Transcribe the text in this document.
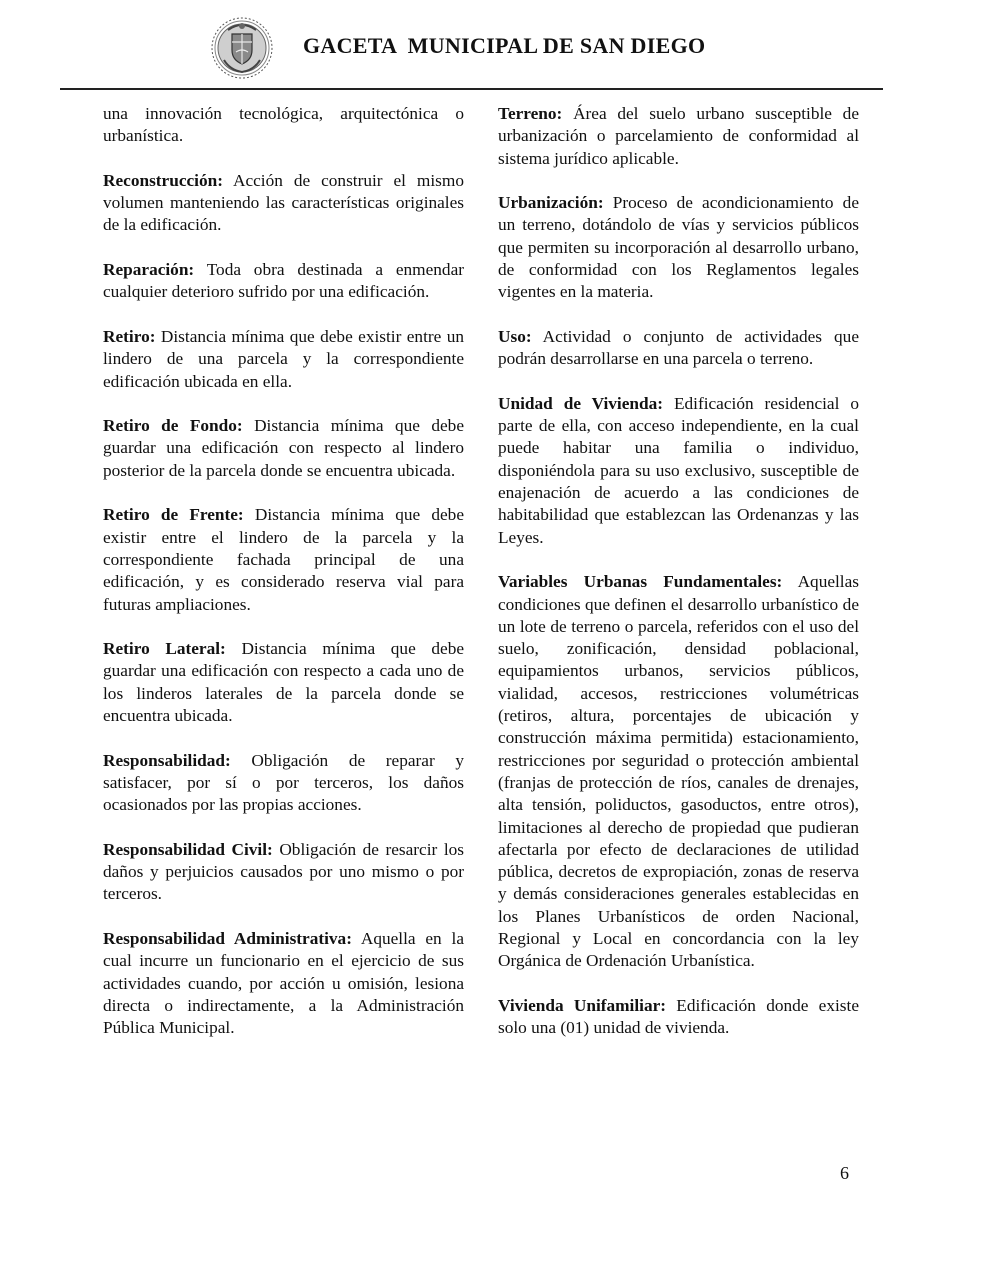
GACETA  MUNICIPAL DE SAN DIEGO

una innovación tecnológica, arquitectónica o urbanística.

Reconstrucción: Acción de construir el mismo volumen manteniendo las características originales de la edificación.

Reparación: Toda obra destinada a enmendar cualquier deterioro sufrido por una edificación.

Retiro: Distancia mínima que debe existir entre un lindero de una parcela y la correspondiente edificación ubicada en ella.

Retiro de Fondo: Distancia mínima que debe guardar una edificación con respecto al lindero posterior de la parcela donde se encuentra ubicada.

Retiro de Frente: Distancia mínima que debe existir entre el lindero de la parcela y la correspondiente fachada principal de una edificación, y es considerado reserva vial para futuras ampliaciones.

Retiro Lateral: Distancia mínima que debe guardar una edificación con respecto a cada uno de los linderos laterales de la parcela donde se encuentra ubicada.

Responsabilidad: Obligación de reparar y satisfacer, por sí o por terceros, los daños ocasionados por las propias acciones.

Responsabilidad Civil: Obligación de resarcir los daños y perjuicios causados por uno mismo o por terceros.

Responsabilidad Administrativa: Aquella en la cual incurre un funcionario en el ejercicio de sus actividades cuando, por acción u omisión, lesiona directa o indirectamente, a la Administración Pública Municipal.

Terreno: Área del suelo urbano susceptible de urbanización o parcelamiento de conformidad al sistema jurídico aplicable.

Urbanización: Proceso de acondicionamiento de un terreno, dotándolo de vías y servicios públicos que permiten su incorporación al desarrollo urbano, de conformidad con los Reglamentos legales vigentes en la materia.

Uso: Actividad o conjunto de actividades que podrán desarrollarse en una parcela o terreno.

Unidad de Vivienda: Edificación residencial o parte de ella, con acceso independiente, en la cual puede habitar una familia o individuo, disponiéndola para su uso exclusivo, susceptible de enajenación de acuerdo a las condiciones de habitabilidad que establezcan las Ordenanzas y las Leyes.

Variables Urbanas Fundamentales: Aquellas condiciones que definen el desarrollo urbanístico de un lote de terreno o parcela, referidos con el uso del suelo, zonificación, densidad poblacional, equipamientos urbanos, servicios públicos, vialidad, accesos, restricciones volumétricas (retiros, altura, porcentajes de ubicación y construcción máxima permitida) estacionamiento, restricciones por seguridad o protección ambiental (franjas de protección de ríos, canales de drenajes, alta tensión, poliductos, gasoductos, entre otros), limitaciones al derecho de propiedad que pudieran afectarla por efecto de declaraciones de utilidad pública, decretos de expropiación, zonas de reserva y demás consideraciones generales establecidas en los Planes Urbanísticos de orden Nacional, Regional y Local en concordancia con la ley Orgánica de Ordenación Urbanística.

Vivienda Unifamiliar: Edificación donde existe solo una (01) unidad de vivienda.

6
